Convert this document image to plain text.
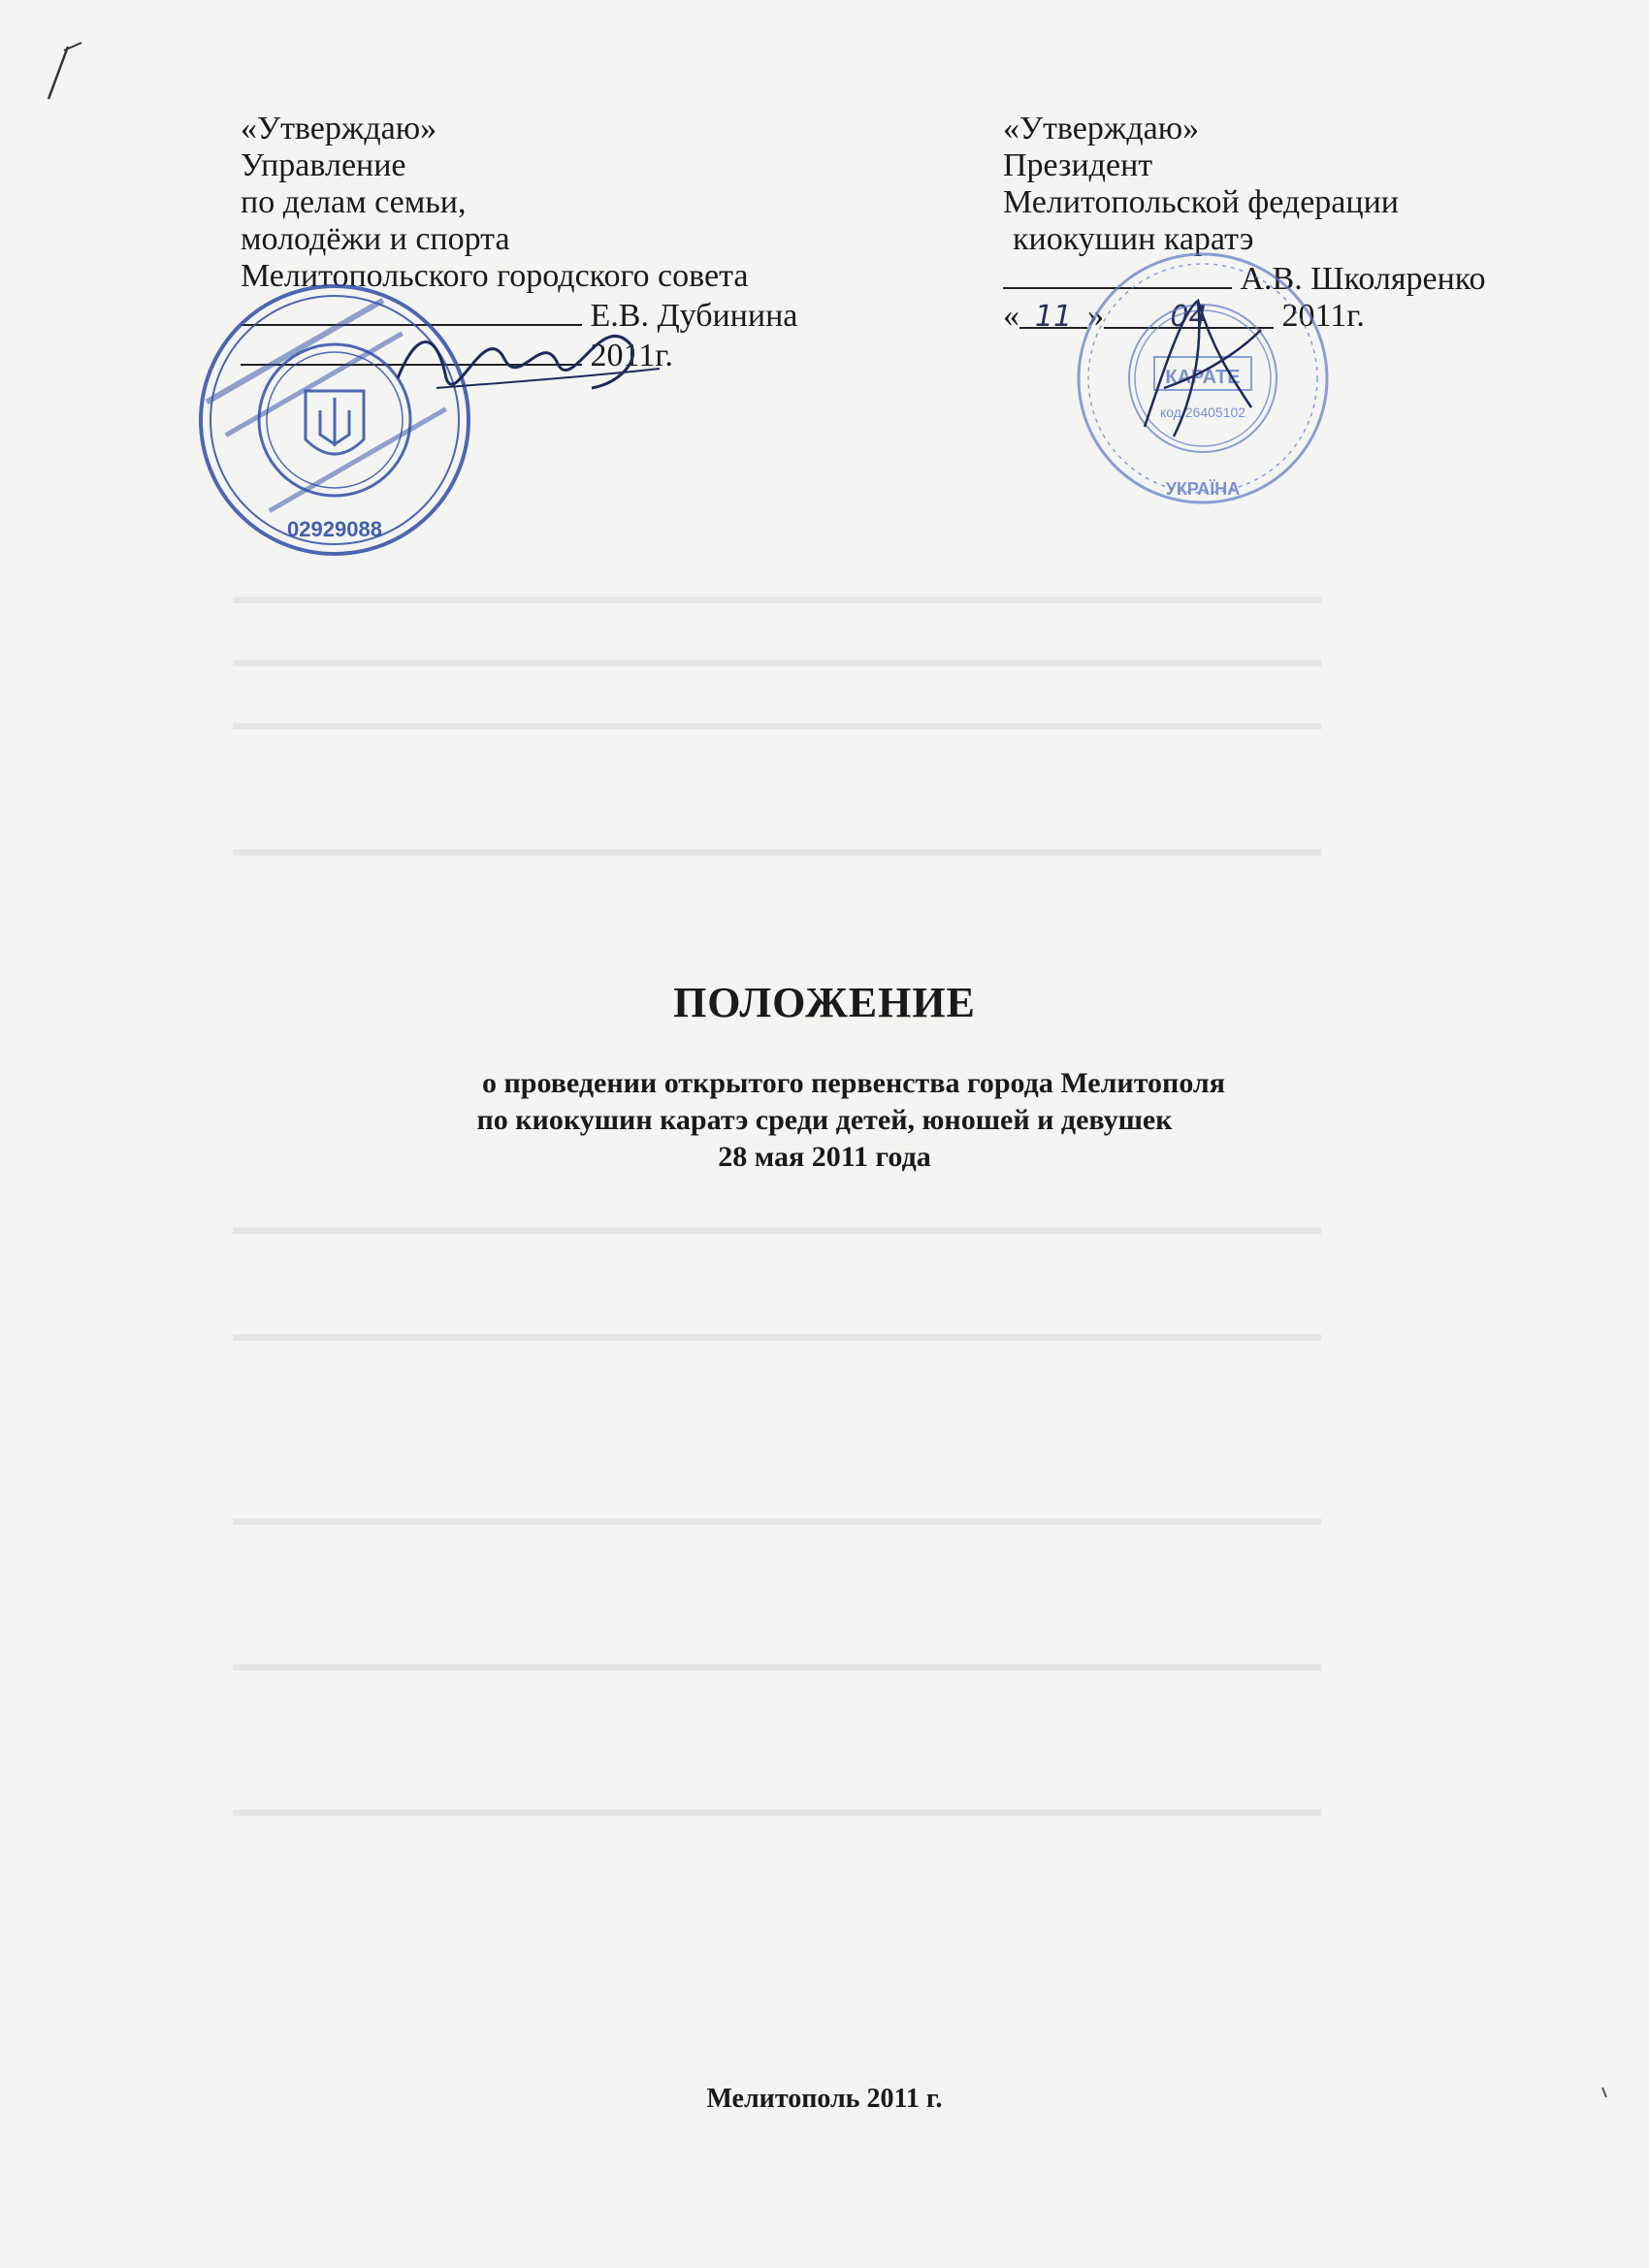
▬▬▬▬▬▬▬▬▬▬▬▬▬▬▬▬▬▬▬▬▬▬▬▬▬▬▬▬▬▬▬▬▬▬▬▬▬▬▬▬▬▬▬▬▬▬▬▬▬▬▬
▬▬▬▬▬▬▬▬▬▬▬▬▬▬▬▬▬▬▬▬▬▬▬▬▬▬▬▬▬▬▬▬▬▬▬▬▬▬▬▬▬▬▬▬▬▬▬▬▬▬▬
▬▬▬▬▬▬▬▬▬▬▬▬▬▬▬▬▬▬▬▬▬▬▬▬▬▬▬▬▬▬▬▬▬▬▬▬▬▬▬▬▬▬▬▬▬▬▬▬▬▬▬
▬▬▬▬▬▬▬▬▬▬▬▬▬▬▬▬▬▬▬▬▬▬▬▬▬▬▬▬▬▬▬▬▬▬▬▬▬▬▬▬▬▬▬▬▬▬▬▬▬▬▬
▬▬▬▬▬▬▬▬▬▬▬▬▬▬▬▬▬▬▬▬▬▬▬▬▬▬▬▬▬▬▬▬▬▬▬▬▬▬▬▬▬▬▬▬▬▬▬▬▬▬▬
▬▬▬▬▬▬▬▬▬▬▬▬▬▬▬▬▬▬▬▬▬▬▬▬▬▬▬▬▬▬▬▬▬▬▬▬▬▬▬▬▬▬▬▬▬▬▬▬▬▬▬
▬▬▬▬▬▬▬▬▬▬▬▬▬▬▬▬▬▬▬▬▬▬▬▬▬▬▬▬▬▬▬▬▬▬▬▬▬▬▬▬▬▬▬▬▬▬▬▬▬▬▬
▬▬▬▬▬▬▬▬▬▬▬▬▬▬▬▬▬▬▬▬▬▬▬▬▬▬▬▬▬▬▬▬▬▬▬▬▬▬▬▬▬▬▬▬▬▬▬▬▬▬▬
▬▬▬▬▬▬▬▬▬▬▬▬▬▬▬▬▬▬▬▬▬▬▬▬▬▬▬▬▬▬▬▬▬▬▬▬▬▬▬▬▬▬▬▬▬▬▬▬▬▬▬
«Утверждаю»
Управление
по делам семьи,
молодёжи и спорта
Мелитопольского городского совета
Е.В. Дубинина
2011г.
«Утверждаю»
Президент
Мелитопольской федерации
киокушин каратэ
А.В. Школяренко
« 11 » 04 2011г.
02929088
КАРАТЕ
код 26405102
УКРАЇНА
ПОЛОЖЕНИЕ
о проведении открытого первенства города Мелитополя
по киокушин каратэ среди детей, юношей и девушек
28 мая 2011 года
Мелитополь 2011 г.
